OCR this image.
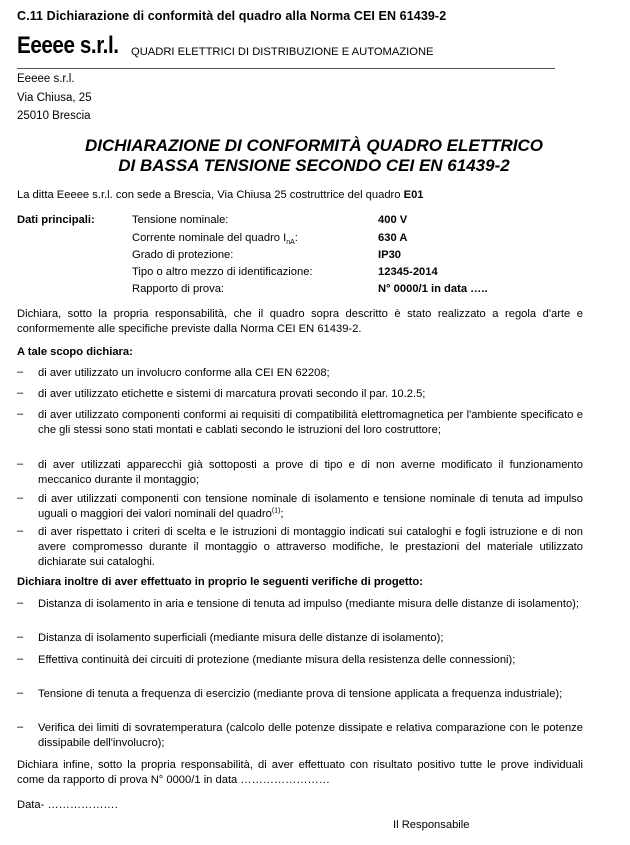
C.11 Dichiarazione di conformità del quadro alla Norma CEI EN 61439-2
Eeeee s.r.l. QUADRI ELETTRICI DI DISTRIBUZIONE E AUTOMAZIONE
Eeeee s.r.l.
Via Chiusa, 25
25010 Brescia
DICHIARAZIONE DI CONFORMITÀ QUADRO ELETTRICO
DI BASSA TENSIONE SECONDO CEI EN 61439-2
La ditta Eeeee s.r.l. con sede a Brescia, Via Chiusa 25 costruttrice del quadro E01
Dati principali:	Tensione nominale:	400 V
Corrente nominale del quadro $I_{nA}$:	630 A
Grado di protezione:	IP30
Tipo o altro mezzo di identificazione:	12345-2014
Rapporto di prova:	N° 0000/1 in data …..
Dichiara, sotto la propria responsabilità, che il quadro sopra descritto è stato realizzato a regola d'arte e conformemente alle specifiche previste dalla Norma CEI EN 61439-2.
A tale scopo dichiara:
– di aver utilizzato un involucro conforme alla CEI EN 62208;
– di aver utilizzato etichette e sistemi di marcatura provati secondo il par. 10.2.5;
– di aver utilizzato componenti conformi ai requisiti di compatibilità elettromagnetica per l'ambiente specificato e che gli stessi sono stati montati e cablati secondo le istruzioni del loro costruttore;
– di aver utilizzati apparecchi già sottoposti a prove di tipo e di non averne modificato il funzionamento meccanico durante il montaggio;
– di aver utilizzati componenti con tensione nominale di isolamento e tensione nominale di tenuta ad impulso uguali o maggiori dei valori nominali del quadro$^{(1)}$;
– di aver rispettato i criteri di scelta e le istruzioni di montaggio indicati sui cataloghi e fogli istruzione e di non avere compromesso durante il montaggio o attraverso modifiche, le prestazioni del materiale utilizzato dichiarate sui cataloghi.
Dichiara inoltre di aver effettuato in proprio le seguenti verifiche di progetto:
– Distanza di isolamento in aria e tensione di tenuta ad impulso (mediante misura delle distanze di isolamento);
– Distanza di isolamento superficiali (mediante misura delle distanze di isolamento);
– Effettiva continuità dei circuiti di protezione (mediante misura della resistenza delle connessioni);
– Tensione di tenuta a frequenza di esercizio (mediante prova di tensione applicata a frequenza industriale);
– Verifica dei limiti di sovratemperatura (calcolo delle potenze dissipate e relativa comparazione con le potenze dissipabile dell'involucro);
Dichiara infine, sotto la propria responsabilità, di aver effettuato con risultato positivo tutte le prove individuali come da rapporto di prova N° 0000/1 in data ……………………
Data- ……………….
Il Responsabile
